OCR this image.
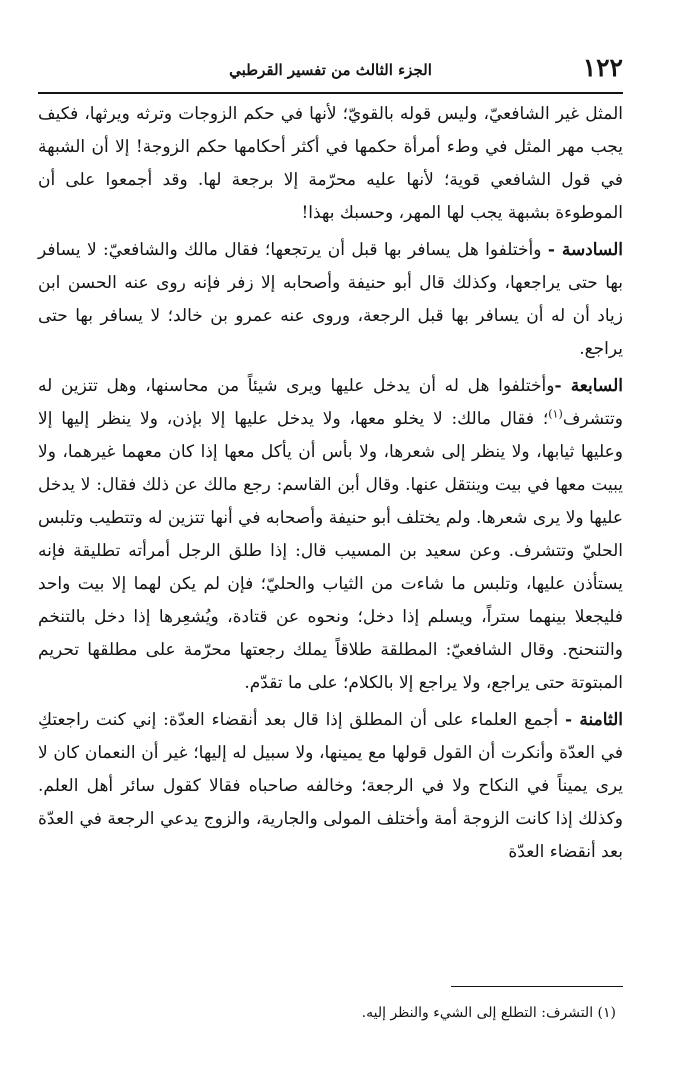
١٢٢
الجزء الثالث من تفسير القرطبي

المثل غير الشافعيّ، وليس قوله بالقويّ؛ لأنها في حكم الزوجات وترثه ويرثها، فكيف يجب مهر المثل في وطء أمرأة حكمها في أكثر أحكامها حكم الزوجة! إلا أن الشبهة في قول الشافعي قوية؛ لأنها عليه محرّمة إلا برجعة لها. وقد أجمعوا على أن الموطوءة بشبهة يجب لها المهر، وحسبك بهذا!

السادسة - وأختلفوا هل يسافر بها قبل أن يرتجعها؛ فقال مالك والشافعيّ: لا يسافر بها حتى يراجعها، وكذلك قال أبو حنيفة وأصحابه إلا زفر فإنه روى عنه الحسن ابن زياد أن له أن يسافر بها قبل الرجعة، وروى عنه عمرو بن خالد؛ لا يسافر بها حتى يراجع.

السابعة -وأختلفوا هل له أن يدخل عليها ويرى شيئاً من محاسنها، وهل تتزين له وتتشرف$^{(١)}$؛ فقال مالك: لا يخلو معها، ولا يدخل عليها إلا بإذن، ولا ينظر إليها إلا وعليها ثيابها، ولا ينظر إلى شعرها، ولا بأس أن يأكل معها إذا كان معهما غيرهما، ولا يبيت معها في بيت وينتقل عنها. وقال أبن القاسم: رجع مالك عن ذلك فقال: لا يدخل عليها ولا يرى شعرها. ولم يختلف أبو حنيفة وأصحابه في أنها تتزين له وتتطيب وتلبس الحليّ وتتشرف. وعن سعيد بن المسيب قال: إذا طلق الرجل أمرأته تطليقة فإنه يستأذن عليها، وتلبس ما شاءت من الثياب والحليّ؛ فإن لم يكن لهما إلا بيت واحد فليجعلا بينهما ستراً، ويسلم إذا دخل؛ ونحوه عن قتادة، ويُشعِرها إذا دخل بالتنخم والتنحنح. وقال الشافعيّ: المطلقة طلاقاً يملك رجعتها محرّمة على مطلقها تحريم المبتوتة حتى يراجع، ولا يراجع إلا بالكلام؛ على ما تقدّم.

الثامنة - أجمع العلماء على أن المطلق إذا قال بعد أنقضاء العدّة: إني كنت راجعتكِ في العدّة وأنكرت أن القول قولها مع يمينها، ولا سبيل له إليها؛ غير أن النعمان كان لا يرى يميناً في النكاح ولا في الرجعة؛ وخالفه صاحباه فقالا كقول سائر أهل العلم. وكذلك إذا كانت الزوجة أمة وأختلف المولى والجارية، والزوج يدعي الرجعة في العدّة بعد أنقضاء العدّة

(١) التشرف: التطلع إلى الشيء والنظر إليه.
